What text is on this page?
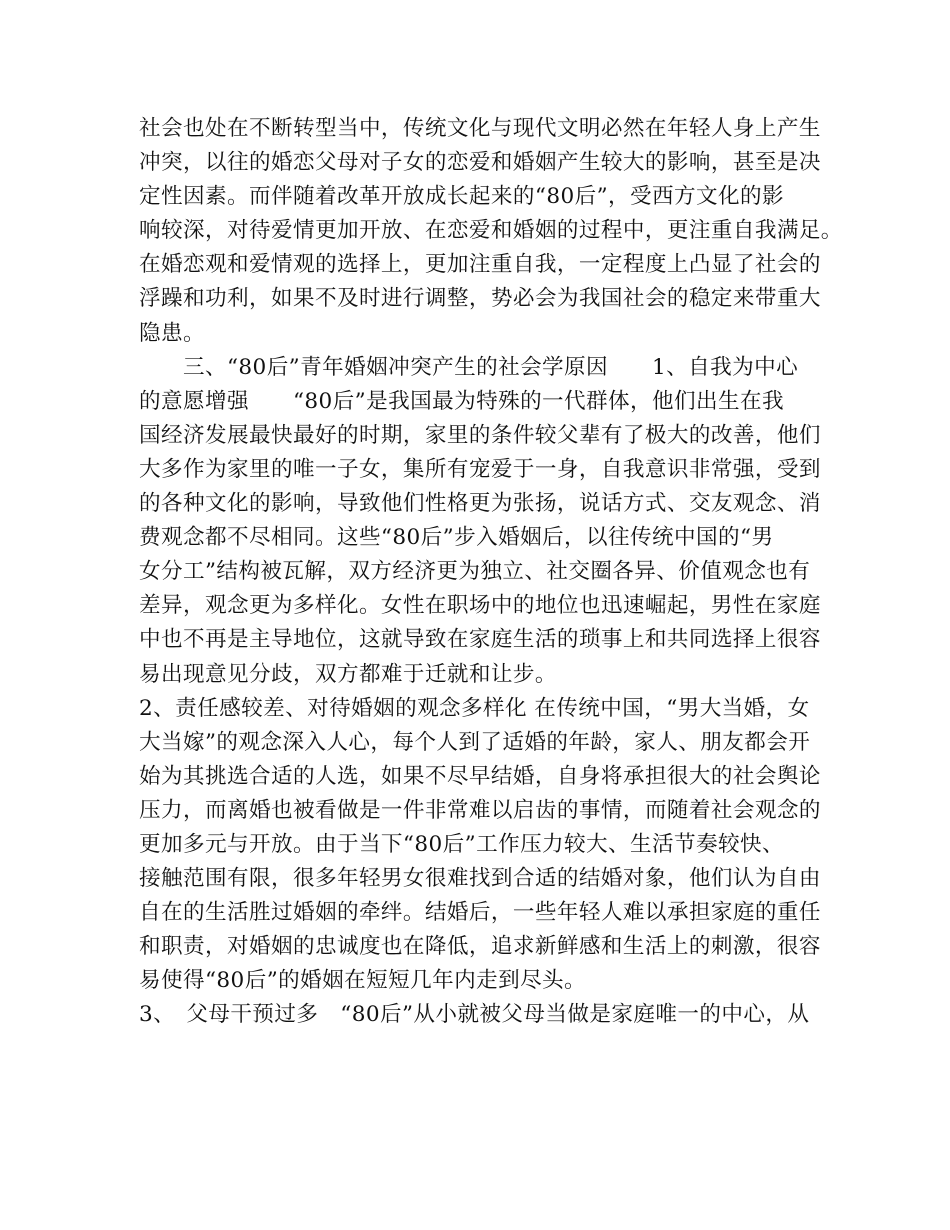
社会也处在不断转型当中，传统文化与现代文明必然在年轻人身上产生
冲突，以往的婚恋父母对子女的恋爱和婚姻产生较大的影响，甚至是决
定性因素。而伴随着改革开放成长起来的“80后”，受西方文化的影
响较深，对待爱情更加开放、在恋爱和婚姻的过程中，更注重自我满足。
在婚恋观和爱情观的选择上，更加注重自我，一定程度上凸显了社会的
浮躁和功利，如果不及时进行调整，势必会为我国社会的稳定来带重大
隐患。
　　三、“80后”青年婚姻冲突产生的社会学原因　　1、自我为中心
的意愿增强　　“80后”是我国最为特殊的一代群体，他们出生在我
国经济发展最快最好的时期，家里的条件较父辈有了极大的改善，他们
大多作为家里的唯一子女，集所有宠爱于一身，自我意识非常强，受到
的各种文化的影响，导致他们性格更为张扬，说话方式、交友观念、消
费观念都不尽相同。这些“80后”步入婚姻后，以往传统中国的“男
女分工”结构被瓦解，双方经济更为独立、社交圈各异、价值观念也有
差异，观念更为多样化。女性在职场中的地位也迅速崛起，男性在家庭
中也不再是主导地位，这就导致在家庭生活的琐事上和共同选择上很容
易出现意见分歧，双方都难于迁就和让步。
2、责任感较差、对待婚姻的观念多样化 在传统中国，“男大当婚，女
大当嫁”的观念深入人心，每个人到了适婚的年龄，家人、朋友都会开
始为其挑选合适的人选，如果不尽早结婚，自身将承担很大的社会舆论
压力，而离婚也被看做是一件非常难以启齿的事情，而随着社会观念的
更加多元与开放。由于当下“80后”工作压力较大、生活节奏较快、
接触范围有限，很多年轻男女很难找到合适的结婚对象，他们认为自由
自在的生活胜过婚姻的牵绊。结婚后，一些年轻人难以承担家庭的重任
和职责，对婚姻的忠诚度也在降低，追求新鲜感和生活上的刺激，很容
易使得“80后”的婚姻在短短几年内走到尽头。
3、　父母干预过多　“80后”从小就被父母当做是家庭唯一的中心，从
